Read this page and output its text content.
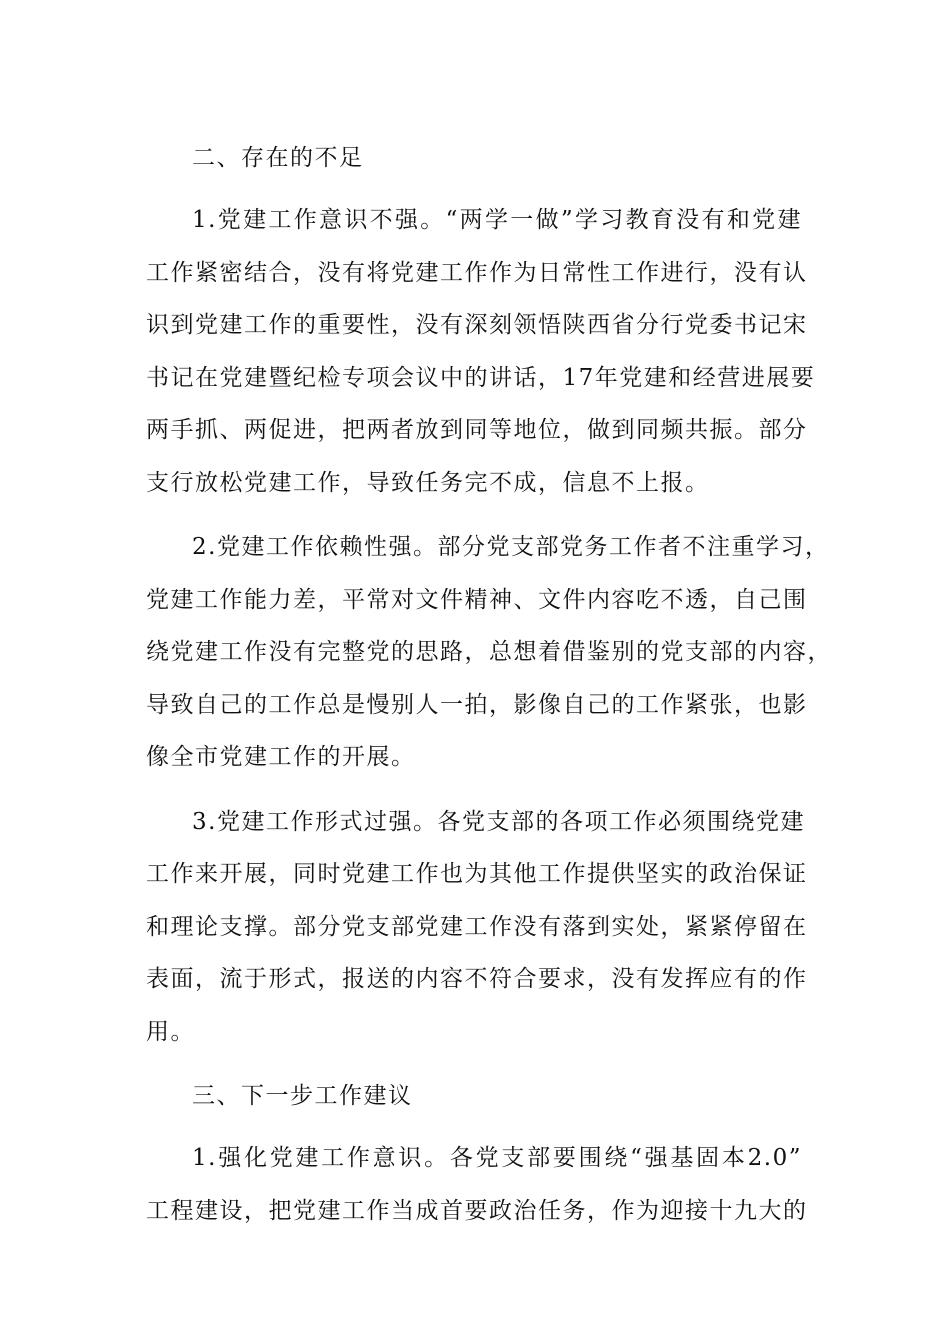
二、存在的不足
1.党建工作意识不强。“两学一做”学习教育没有和党建
工作紧密结合，没有将党建工作作为日常性工作进行，没有认
识到党建工作的重要性，没有深刻领悟陕西省分行党委书记宋
书记在党建暨纪检专项会议中的讲话，17年党建和经营进展要
两手抓、两促进，把两者放到同等地位，做到同频共振。部分
支行放松党建工作，导致任务完不成，信息不上报。
2.党建工作依赖性强。部分党支部党务工作者不注重学习，
党建工作能力差，平常对文件精神、文件内容吃不透，自己围
绕党建工作没有完整党的思路，总想着借鉴别的党支部的内容，
导致自己的工作总是慢别人一拍，影像自己的工作紧张，也影
像全市党建工作的开展。
3.党建工作形式过强。各党支部的各项工作必须围绕党建
工作来开展，同时党建工作也为其他工作提供坚实的政治保证
和理论支撑。部分党支部党建工作没有落到实处，紧紧停留在
表面，流于形式，报送的内容不符合要求，没有发挥应有的作
用。
三、下一步工作建议
1.强化党建工作意识。各党支部要围绕“强基固本2.0”
工程建设，把党建工作当成首要政治任务，作为迎接十九大的
